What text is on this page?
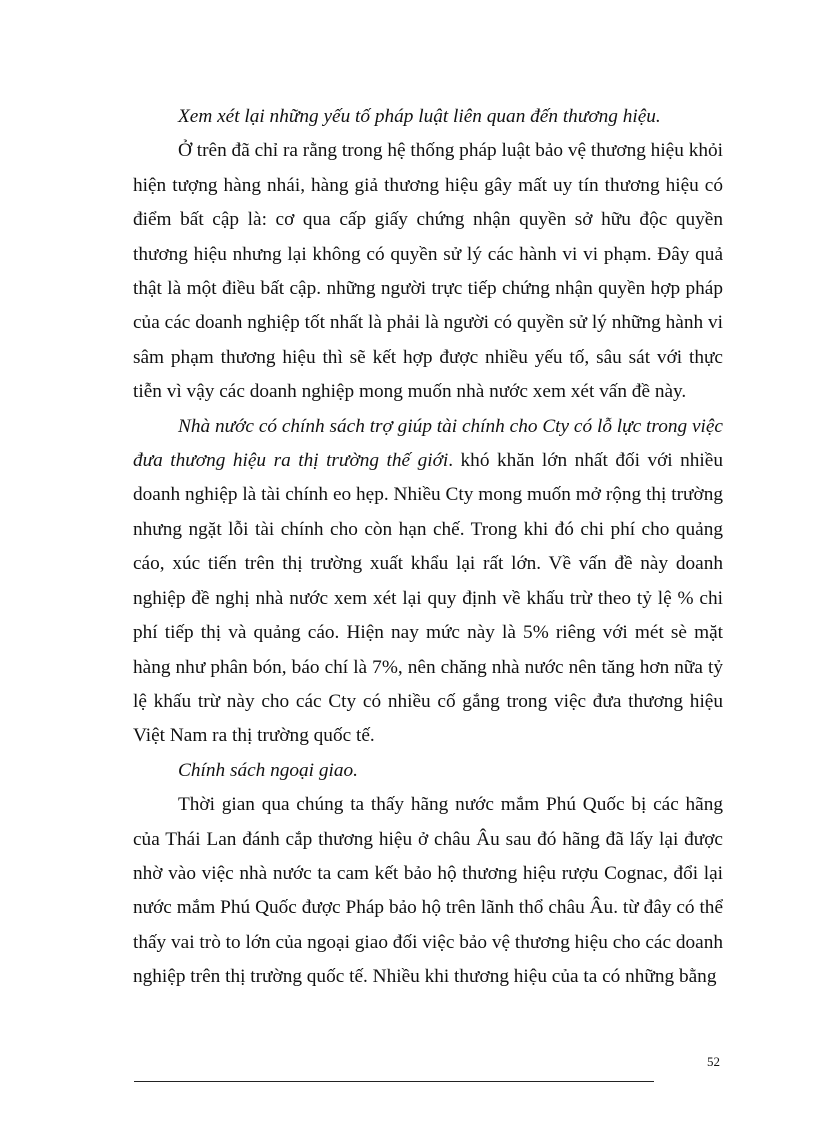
Xem xét lại những yếu tố pháp luật liên quan đến thương hiệu.

Ở trên đã chỉ ra rằng trong hệ thống pháp luật bảo vệ thương hiệu khỏi hiện tượng hàng nhái, hàng giả thương hiệu gây mất uy tín thương hiệu có điểm bất cập là: cơ qua cấp giấy chứng nhận quyền sở hữu độc quyền thương hiệu nhưng lại không có quyền sử lý các hành vi vi phạm. Đây quả thật là một điều bất cập. những người trực tiếp chứng nhận quyền hợp pháp của các doanh nghiệp tốt nhất là phải là người có quyền sử lý những hành vi sâm phạm thương hiệu thì sẽ kết hợp được nhiều yếu tố, sâu sát với thực tiễn vì vậy các doanh nghiệp mong muốn nhà nước xem xét vấn đề này.

Nhà nước có chính sách trợ giúp tài chính cho Cty có lỗ lực trong việc đưa thương hiệu ra thị trường thế giới. khó khăn lớn nhất đối với nhiều doanh nghiệp là tài chính eo hẹp. Nhiều Cty mong muốn mở rộng thị trường nhưng ngặt lỗi tài chính cho còn hạn chế. Trong khi đó chi phí cho quảng cáo, xúc tiến trên thị trường xuất khẩu lại rất lớn. Về vấn đề này doanh nghiệp đề nghị nhà nước xem xét lại quy định về khấu trừ theo tỷ lệ % chi phí tiếp thị và quảng cáo. Hiện nay mức này là 5% riêng với mét sè mặt hàng như phân bón, báo chí là 7%, nên chăng nhà nước nên tăng hơn nữa tỷ lệ khấu trừ này cho các Cty có nhiều cố gắng trong việc đưa thương hiệu Việt Nam ra thị trường quốc tế.

Chính sách ngoại giao.

Thời gian qua chúng ta thấy hãng nước mắm Phú Quốc bị các hãng của Thái Lan đánh cắp thương hiệu ở châu Âu sau đó hãng đã lấy lại được nhờ vào việc nhà nước ta cam kết bảo hộ thương hiệu rượu Cognac, đổi lại nước mắm Phú Quốc được Pháp bảo hộ trên lãnh thổ châu Âu. từ đây có thể thấy vai trò to lớn của ngoại giao đối việc bảo vệ thương hiệu cho các doanh nghiệp trên thị trường quốc tế. Nhiều khi thương hiệu của ta có những bằng

52
